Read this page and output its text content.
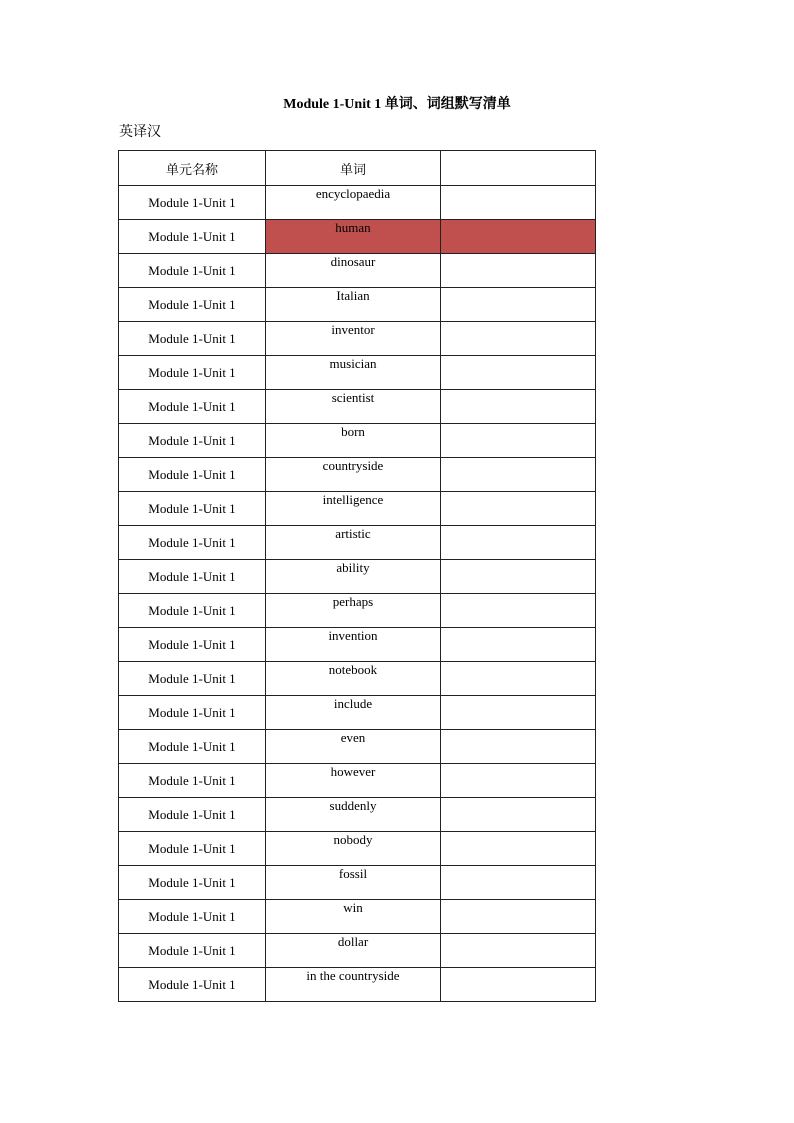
Module 1-Unit 1 单词、词组默写清单
英译汉
单元名称	单词	
Module 1-Unit 1	encyclopaedia	
Module 1-Unit 1	human	
Module 1-Unit 1	dinosaur	
Module 1-Unit 1	Italian	
Module 1-Unit 1	inventor	
Module 1-Unit 1	musician	
Module 1-Unit 1	scientist	
Module 1-Unit 1	born	
Module 1-Unit 1	countryside	
Module 1-Unit 1	intelligence	
Module 1-Unit 1	artistic	
Module 1-Unit 1	ability	
Module 1-Unit 1	perhaps	
Module 1-Unit 1	invention	
Module 1-Unit 1	notebook	
Module 1-Unit 1	include	
Module 1-Unit 1	even	
Module 1-Unit 1	however	
Module 1-Unit 1	suddenly	
Module 1-Unit 1	nobody	
Module 1-Unit 1	fossil	
Module 1-Unit 1	win	
Module 1-Unit 1	dollar	
Module 1-Unit 1	in the countryside	
